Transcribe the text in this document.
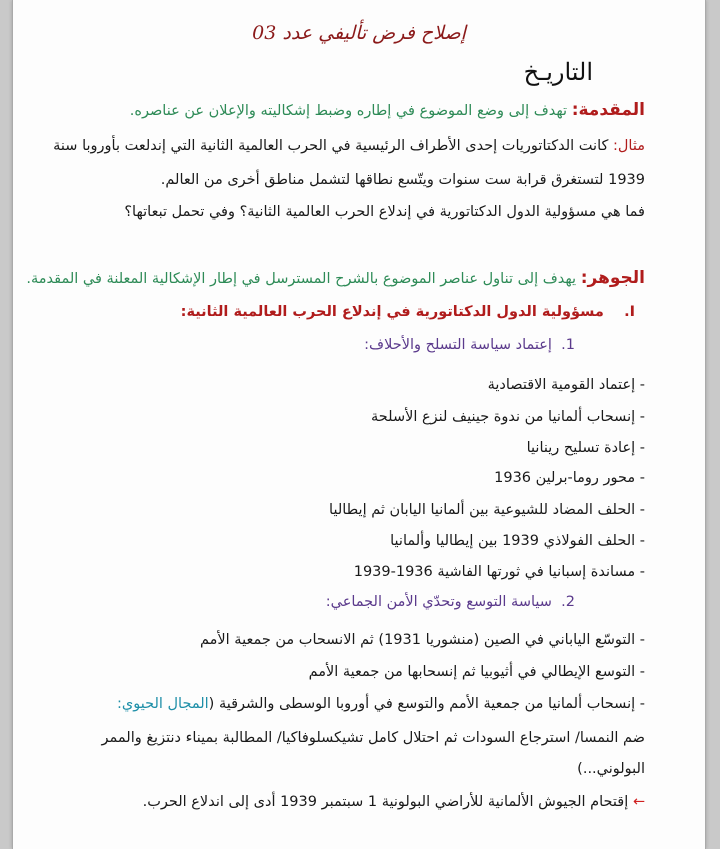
إصلاح فرض تأليفي عدد 03
التاريـخ
المقدمة: تهدف إلى وضع الموضوع في إطاره وضبط إشكاليته والإعلان عن عناصره.
مثال: كانت الدكتاتوريات إحدى الأطراف الرئيسية في الحرب العالمية الثانية التي إندلعت بأوروبا سنة
1939 لتستغرق قرابة ست سنوات ويتّسع نطاقها لتشمل مناطق أخرى من العالم.
فما هي مسؤولية الدول الدكتاتورية في إندلاع الحرب العالمية الثانية؟ وفي تحمل تبعاتها؟
الجوهر: يهدف إلى تناول عناصر الموضوع بالشرح المسترسل في إطار الإشكالية المعلنة في المقدمة.
I.    مسؤولية الدول الدكتاتورية في إندلاع الحرب العالمية الثانية:
1.  إعتماد سياسة التسلح والأحلاف:
- إعتماد القومية الاقتصادية
- إنسحاب ألمانيا من ندوة جينيف لنزع الأسلحة
- إعادة تسليح رينانيا
- محور روما-برلين 1936
- الحلف المضاد للشيوعية بين ألمانيا اليابان ثم إيطاليا
- الحلف الفولاذي 1939 بين إيطاليا وألمانيا
- مساندة إسبانيا في ثورتها الفاشية 1936-1939
2.  سياسة التوسع وتحدّي الأمن الجماعي:
- التوسّع الياباني في الصين (منشوريا 1931) ثم الانسحاب من جمعية الأمم
- التوسع الإيطالي في أثيوبيا ثم إنسحابها من جمعية الأمم
- إنسحاب ألمانيا من جمعية الأمم والتوسع في أوروبا الوسطى والشرقية (المجال الحيوي:
ضم النمسا/ استرجاع السودات ثم احتلال كامل تشيكسلوفاكيا/ المطالبة بميناء دنتزيغ والممر
البولوني...)
← إقتحام الجيوش الألمانية للأراضي البولونية 1 سبتمبر 1939 أدى إلى اندلاع الحرب.
